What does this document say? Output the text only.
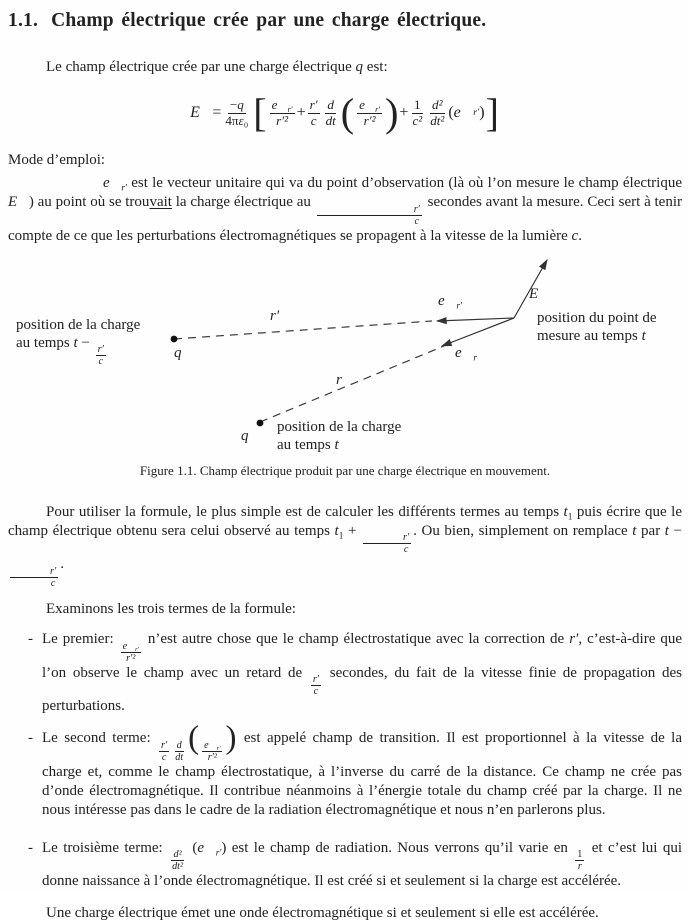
1.1. Champ électrique crée par une charge électrique.

Le champ électrique crée par une charge électrique q est:

E⃗ = $\frac{-q}{\text{4πε₀}}$ [ $\frac{e⃗_{r'}}{\text{r′²}} + \frac{r'}{c} \frac{d}{dt}$ ( $\frac{e⃗_{r'}}{\text{r′²}}$ ) + $\frac{1}{\text{c²}} \frac{\text{d²}}{\text{dt²}}$ ( e⃗ r′ ) ]

Mode d’emploi:

$e⃗_{r'}$ est le vecteur unitaire qui va du point d’observation (là où l’on mesure le champ électrique E⃗) au point où se trouvait la charge électrique au
$\frac{r'}{c}$
secondes avant la mesure. Ceci sert à tenir compte de ce que les perturbations électromagnétiques se propagent à la vitesse de la lumière c.

position de la charge
au temps t −
$\frac{r'}{c}$	q
r′
$e⃗_{r'}$
E⃗
position du point de
mesure au temps t
$e⃗_r$
r
q
position de la charge
au temps t
Figure 1.1. Champ électrique produit par une charge électrique en mouvement.

Pour utiliser la formule, le plus simple est de calculer les différents termes au temps $t_1$ puis écrire que le champ électrique obtenu sera celui observé au temps $t_1$ +
$\frac{r'}{c}$
. Ou bien, simplement on remplace t par t −
$\frac{r'}{c}$
.

Examinons les trois termes de la formule:

- Le premier:
$\frac{e⃗_{r'}}{\text{r′²}}$
n’est autre chose que le champ électrostatique avec la correction de r′, c’est-à-dire que l’on observe le champ avec un retard de
$\frac{r'}{c}$
secondes, du fait de la vitesse finie de propagation des perturbations.
- Le second terme:
$\frac{r'}{c} \frac{d}{dt}$ ( $\frac{e⃗_{r'}}{\text{r′²}}$ ) est appelé champ de transition. Il est proportionnel à la vitesse de la charge et, comme le champ électrostatique, à l’inverse du carré de la distance. Ce champ ne crée pas d’onde électromagnétique. Il contribue néanmoins à l’énergie totale du champ créé par la charge. Il ne nous intéresse pas dans le cadre de la radiation électromagnétique et nous n’en parlerons plus.
- Le troisième terme:
$\frac{\text{d²}}{\text{dt²}}$
$(e⃗_{r'})$ est le champ de radiation. Nous verrons qu’il varie en
$\frac{1}{r}$
et c’est lui qui donne naissance à l’onde électromagnétique. Il est créé si et seulement si la charge est accélérée.

Une charge électrique émet une onde électromagnétique si et seulement si elle est accélérée.
